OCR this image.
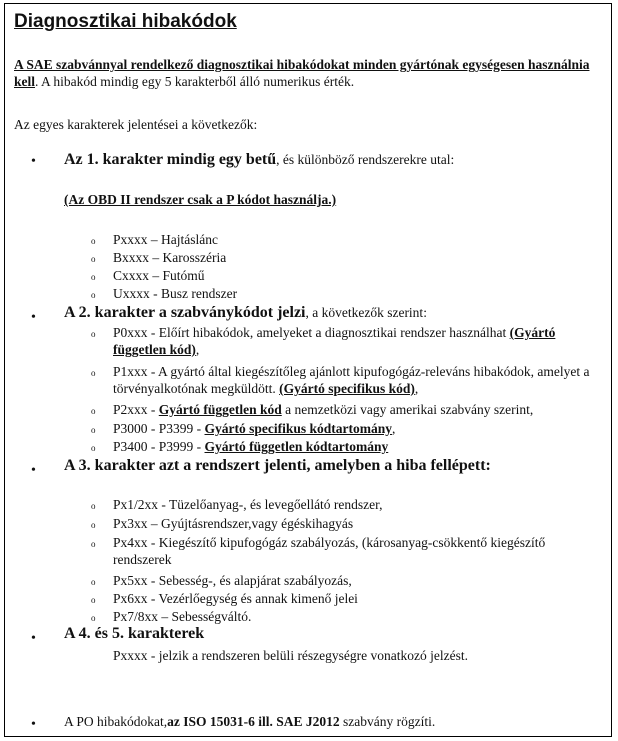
Diagnosztikai hibakódok
A SAE szabvánnyal rendelkező diagnosztikai hibakódokat minden gyártónak egységesen használnia kell. A hibakód mindig egy 5 karakterből álló numerikus érték.
Az egyes karakterek jelentései a következők:
• Az 1. karakter mindig egy betű, és különböző rendszerekre utal:
(Az OBD II rendszer csak a P kódot használja.)
o Pxxxx – Hajtáslánc
o Bxxxx – Karosszéria
o Cxxxx – Futómű
o Uxxxx - Busz rendszer
• A 2. karakter a szabványkódot jelzi, a következők szerint:
o P0xxx - Előírt hibakódok, amelyeket a diagnosztikai rendszer használhat (Gyártó független kód),
o P1xxx - A gyártó által kiegészítőleg ajánlott kipufogógáz-releváns hibakódok, amelyet a törvényalkotónak megküldött. (Gyártó specifikus kód),
o P2xxx - Gyártó független kód a nemzetközi vagy amerikai szabvány szerint,
o P3000 - P3399 - Gyártó specifikus kódtartomány,
o P3400 - P3999 - Gyártó független kódtartomány
• A 3. karakter azt a rendszert jelenti, amelyben a hiba fellépett:
o Px1/2xx - Tüzelőanyag-, és levegőellátó rendszer,
o Px3xx – Gyújtásrendszer,vagy égéskihagyás
o Px4xx - Kiegészítő kipufogógáz szabályozás, (károsanyag-csökkentő kiegészítő rendszerek
o Px5xx - Sebesség-, és alapjárat szabályozás,
o Px6xx - Vezérlőegység és annak kimenő jelei
o Px7/8xx – Sebességváltó.
• A 4. és 5. karakterek
Pxxxx - jelzik a rendszeren belüli részegységre vonatkozó jelzést.
• A PO hibakódokat,az ISO 15031-6 ill. SAE J2012 szabvány rögzíti.
